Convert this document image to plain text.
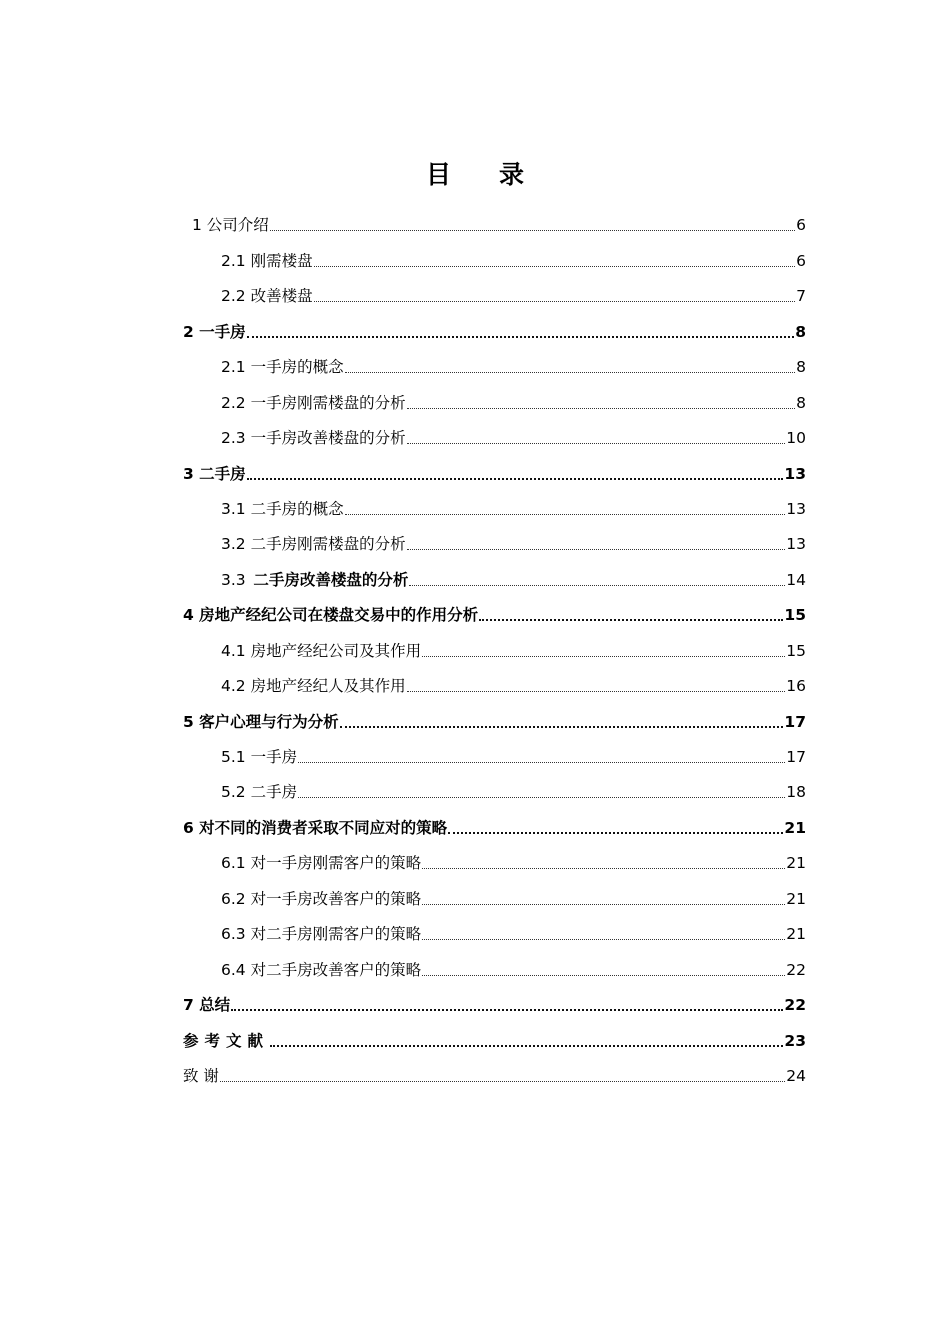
目 录
1 公司介绍	6
2.1 刚需楼盘	6
2.2 改善楼盘	7
2 一手房	8
2.1 一手房的概念	8
2.2 一手房刚需楼盘的分析	8
2.3 一手房改善楼盘的分析	10
3 二手房	13
3.1 二手房的概念	13
3.2 二手房刚需楼盘的分析	13
3.3  二手房改善楼盘的分析	14
4 房地产经纪公司在楼盘交易中的作用分析	15
4.1 房地产经纪公司及其作用	15
4.2 房地产经纪人及其作用	16
5 客户心理与行为分析	17
5.1 一手房	17
5.2 二手房	18
6 对不同的消费者采取不同应对的策略	21
6.1 对一手房刚需客户的策略	21
6.2 对一手房改善客户的策略	21
6.3 对二手房刚需客户的策略	21
6.4 对二手房改善客户的策略	22
7 总结	22
参考文献	23
致 谢	24
